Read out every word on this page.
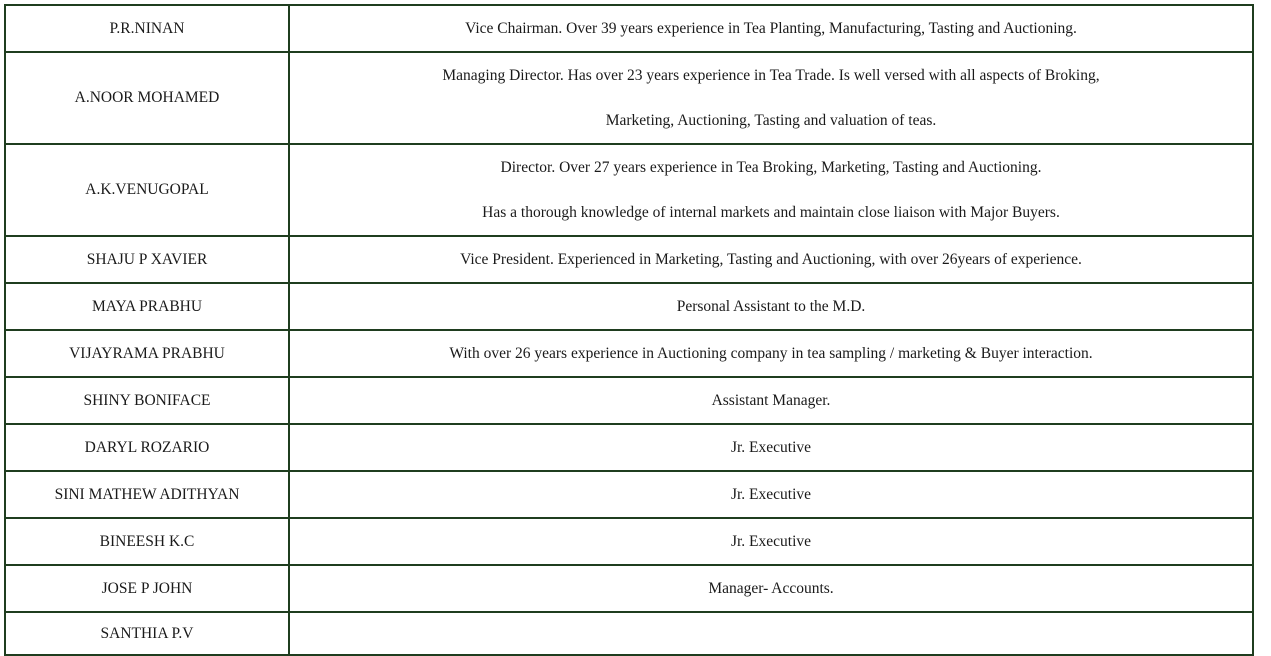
P.R.NINAN	Vice Chairman. Over 39 years experience in Tea Planting, Manufacturing, Tasting and Auctioning.

A.NOOR MOHAMED	Managing Director. Has over 23 years experience in Tea Trade. Is well versed with all aspects of Broking,
Marketing, Auctioning, Tasting and valuation of teas.

A.K.VENUGOPAL	Director. Over 27 years experience in Tea Broking, Marketing, Tasting and Auctioning.
Has a thorough knowledge of internal markets and maintain close liaison with Major Buyers.

SHAJU P XAVIER	Vice President. Experienced in Marketing, Tasting and Auctioning, with over 26years of experience.

MAYA PRABHU	Personal Assistant to the M.D.

VIJAYRAMA PRABHU	With over 26 years experience in Auctioning company in tea sampling / marketing & Buyer interaction.

SHINY BONIFACE	Assistant Manager.

DARYL ROZARIO	Jr. Executive

SINI MATHEW ADITHYAN	Jr. Executive

BINEESH K.C	Jr. Executive

JOSE P JOHN	Manager- Accounts.

SANTHIA P.V	
